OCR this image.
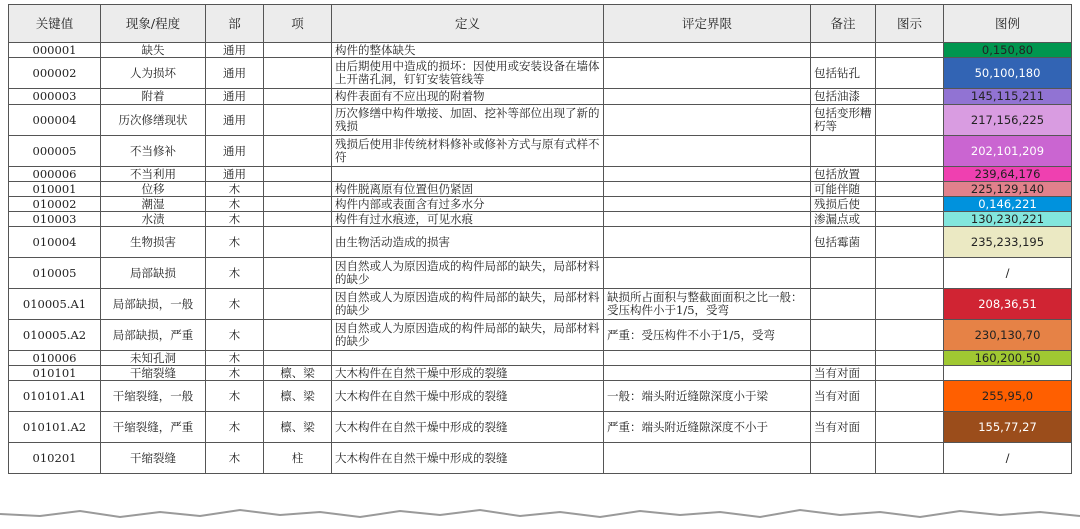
关键值	现象/程度	部	项	定义	评定界限	备注	图示	图例
000001	缺失	通用		构件的整体缺失				0,150,80

000002	人为损坏	通用		由后期使用中造成的损坏：因使用或安装设备在墙体上开凿孔洞，钉钉安装管线等		包括钻孔		50,100,180

000003	附着	通用		构件表面有不应出现的附着物		包括油漆		145,115,211

000004	历次修缮现状	通用		历次修缮中构件墩接、加固、挖补等部位出现了新的残损		包括变形糟朽等		217,156,225

000005	不当修补	通用		残损后使用非传统材料修补或修补方式与原有式样不符				202,101,209

000006	不当利用	通用				包括放置		239,64,176

010001	位移	木		构件脱离原有位置但仍紧固		可能伴随		225,129,140

010002	潮湿	木		构件内部或表面含有过多水分		残损后使		0,146,221

010003	水渍	木		构件有过水痕迹，可见水痕		渗漏点或		130,230,221

010004	生物损害	木		由生物活动造成的损害		包括霉菌		235,233,195

010005	局部缺损	木		因自然或人为原因造成的构件局部的缺失，局部材料的缺少				/

010005.A1	局部缺损，一般	木		因自然或人为原因造成的构件局部的缺失，局部材料的缺少	缺损所占面积与整截面面积之比一般：受压构件小于1/5，受弯			208,36,51

010005.A2	局部缺损，严重	木		因自然或人为原因造成的构件局部的缺失，局部材料的缺少	严重：受压构件不小于1/5，受弯			230,130,70

010006	未知孔洞	木						160,200,50

010101	干缩裂缝	木	檩、梁	大木构件在自然干燥中形成的裂缝		当有对面		

010101.A1	干缩裂缝，一般	木	檩、梁	大木构件在自然干燥中形成的裂缝	一般：端头附近缝隙深度小于梁	当有对面		255,95,0

010101.A2	干缩裂缝，严重	木	檩、梁	大木构件在自然干燥中形成的裂缝	严重：端头附近缝隙深度不小于	当有对面		155,77,27

010201	干缩裂缝	木	柱	大木构件在自然干燥中形成的裂缝				/
